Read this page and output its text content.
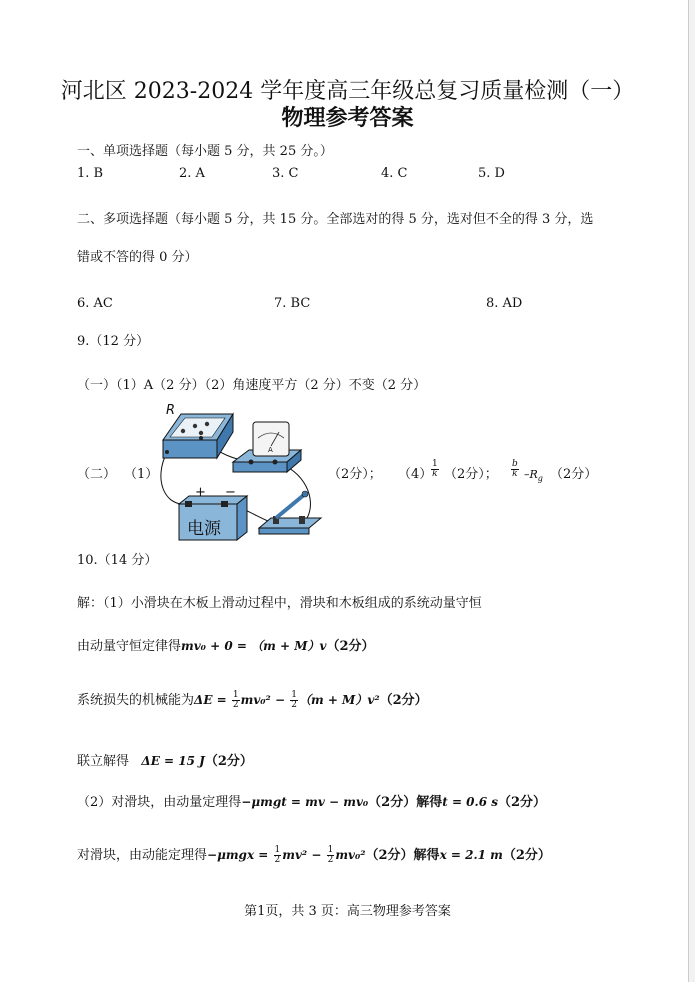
河北区 2023-2024 学年度高三年级总复习质量检测（一）
物理参考答案
一、单项选择题（每小题 5 分，共 25 分。）
1. B	2. A	3. C	4. C	5. D
二、多项选择题（每小题 5 分，共 15 分。全部选对的得 5 分，选对但不全的得 3 分，选
错或不答的得 0 分）
6. AC	7. BC	8. AD
9.（12 分）
（一）（1）A（2 分）（2）角速度平方（2 分）不变（2 分）
（二） （1）
R
A
+ −
电源
（2分）； （4）
$\frac{1}{k} (2$分）； $\frac{b}{k} -R_g$ （2分）
10.（14 分）
解：（1）小滑块在木板上滑动过程中，滑块和木板组成的系统动量守恒
由动量守恒定律得mv₀ + 0 = （m + M）v（2分）
系统损失的机械能为$\Delta E = \frac{1}{2} mv_0^2 - \frac{1}{2} (m + M)v^2(2$分）
联立解得 ΔE = 15 J（2分）
（2）对滑块，由动量定理得−μmgt = mv − mv₀（2分）解得t = 0.6 s（2分）
对滑块，由动能定理得$-\mu mgx = \frac{1}{2} mv^2 - \frac{1}{2} mv_0^2(2$分）解得x = 2.1 m（2分）
第1页，共 3 页：高三物理参考答案
